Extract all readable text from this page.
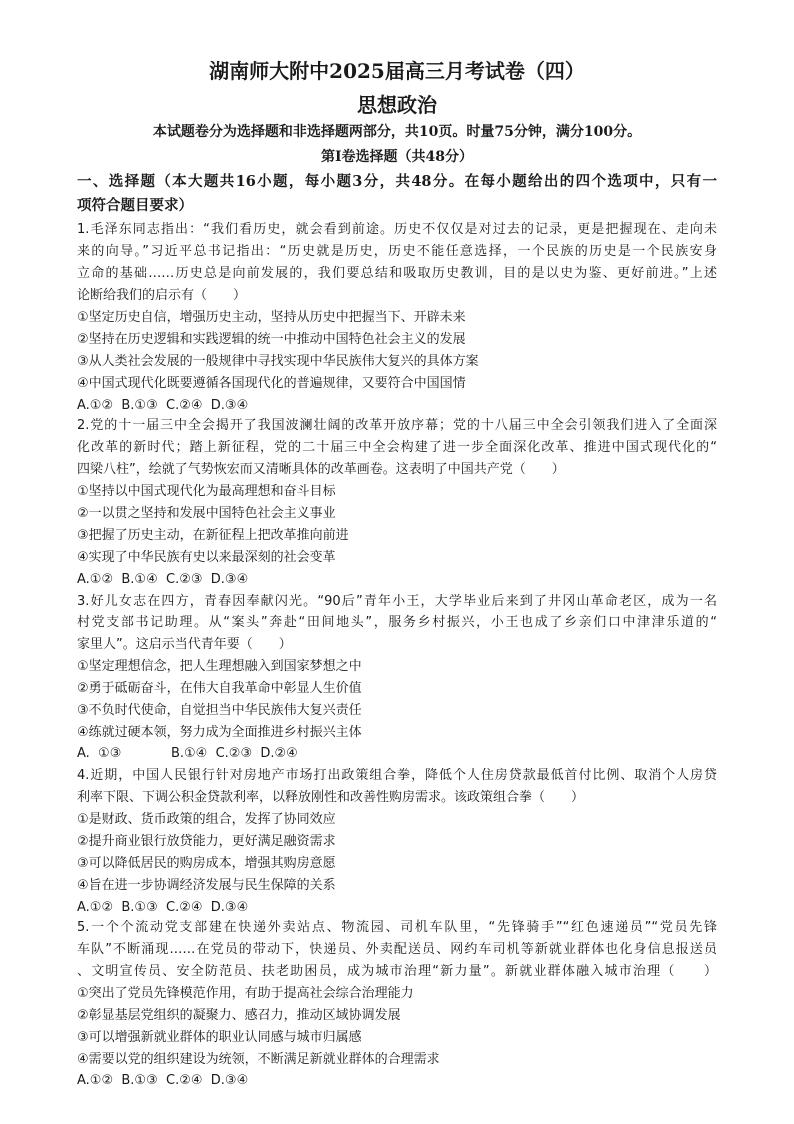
湖南师大附中2025届高三月考试卷（四）
思想政治
本试题卷分为选择题和非选择题两部分，共10页。时量75分钟，满分100分。
第Ⅰ卷选择题（共48分）
一、选择题（本大题共16小题，每小题3分，共48分。在每小题给出的四个选项中，只有一
项符合题目要求）
1.毛泽东同志指出：“我们看历史，就会看到前途。历史不仅仅是对过去的记录，更是把握现在、走向未
来的向导。”习近平总书记指出：“历史就是历史，历史不能任意选择，一个民族的历史是一个民族安身
立命的基础……历史总是向前发展的，我们要总结和吸取历史教训，目的是以史为鉴、更好前进。”上述
论断给我们的启示有（　　）
①坚定历史自信，增强历史主动，坚持从历史中把握当下、开辟未来
②坚持在历史逻辑和实践逻辑的统一中推动中国特色社会主义的发展
③从人类社会发展的一般规律中寻找实现中华民族伟大复兴的具体方案
④中国式现代化既要遵循各国现代化的普遍规律，又要符合中国国情
A.①②  B.①③  C.②④  D.③④
2.党的十一届三中全会揭开了我国波澜壮阔的改革开放序幕；党的十八届三中全会引领我们进入了全面深
化改革的新时代；踏上新征程，党的二十届三中全会构建了进一步全面深化改革、推进中国式现代化的“
四梁八柱”，绘就了气势恢宏而又清晰具体的改革画卷。这表明了中国共产党（　　）
①坚持以中国式现代化为最高理想和奋斗目标
②一以贯之坚持和发展中国特色社会主义事业
③把握了历史主动，在新征程上把改革推向前进
④实现了中华民族有史以来最深刻的社会变革
A.①②  B.①④  C.②③  D.③④
3.好儿女志在四方，青春因奉献闪光。“90后”青年小王，大学毕业后来到了井冈山革命老区，成为一名
村党支部书记助理。从“案头”奔赴“田间地头”，服务乡村振兴，小王也成了乡亲们口中津津乐道的“
家里人”。这启示当代青年要（　　）
①坚定理想信念，把人生理想融入到国家梦想之中
②勇于砥砺奋斗，在伟大自我革命中彰显人生价值
③不负时代使命，自觉担当中华民族伟大复兴责任
④练就过硬本领，努力成为全面推进乡村振兴主体
A.  ①③            B.①④  C.②③  D.②④
4.近期，中国人民银行针对房地产市场打出政策组合拳，降低个人住房贷款最低首付比例、取消个人房贷
利率下限、下调公积金贷款利率，以释放刚性和改善性购房需求。该政策组合拳（　　）
①是财政、货币政策的组合，发挥了协同效应
②提升商业银行放贷能力，更好满足融资需求
③可以降低居民的购房成本，增强其购房意愿
④旨在进一步协调经济发展与民生保障的关系
A.①②  B.①③  C.②④  D.③④
5.一个个流动党支部建在快递外卖站点、物流园、司机车队里，“先锋骑手”“红色速递员”“党员先锋
车队”不断涌现……在党员的带动下，快递员、外卖配送员、网约车司机等新就业群体也化身信息报送员
、文明宣传员、安全防范员、扶老助困员，成为城市治理“新力量”。新就业群体融入城市治理（　　）
①突出了党员先锋模范作用，有助于提高社会综合治理能力
②彰显基层党组织的凝聚力、感召力，推动区域协调发展
③可以增强新就业群体的职业认同感与城市归属感
④需要以党的组织建设为统领，不断满足新就业群体的合理需求
A.①②  B.①③  C.②④  D.③④
